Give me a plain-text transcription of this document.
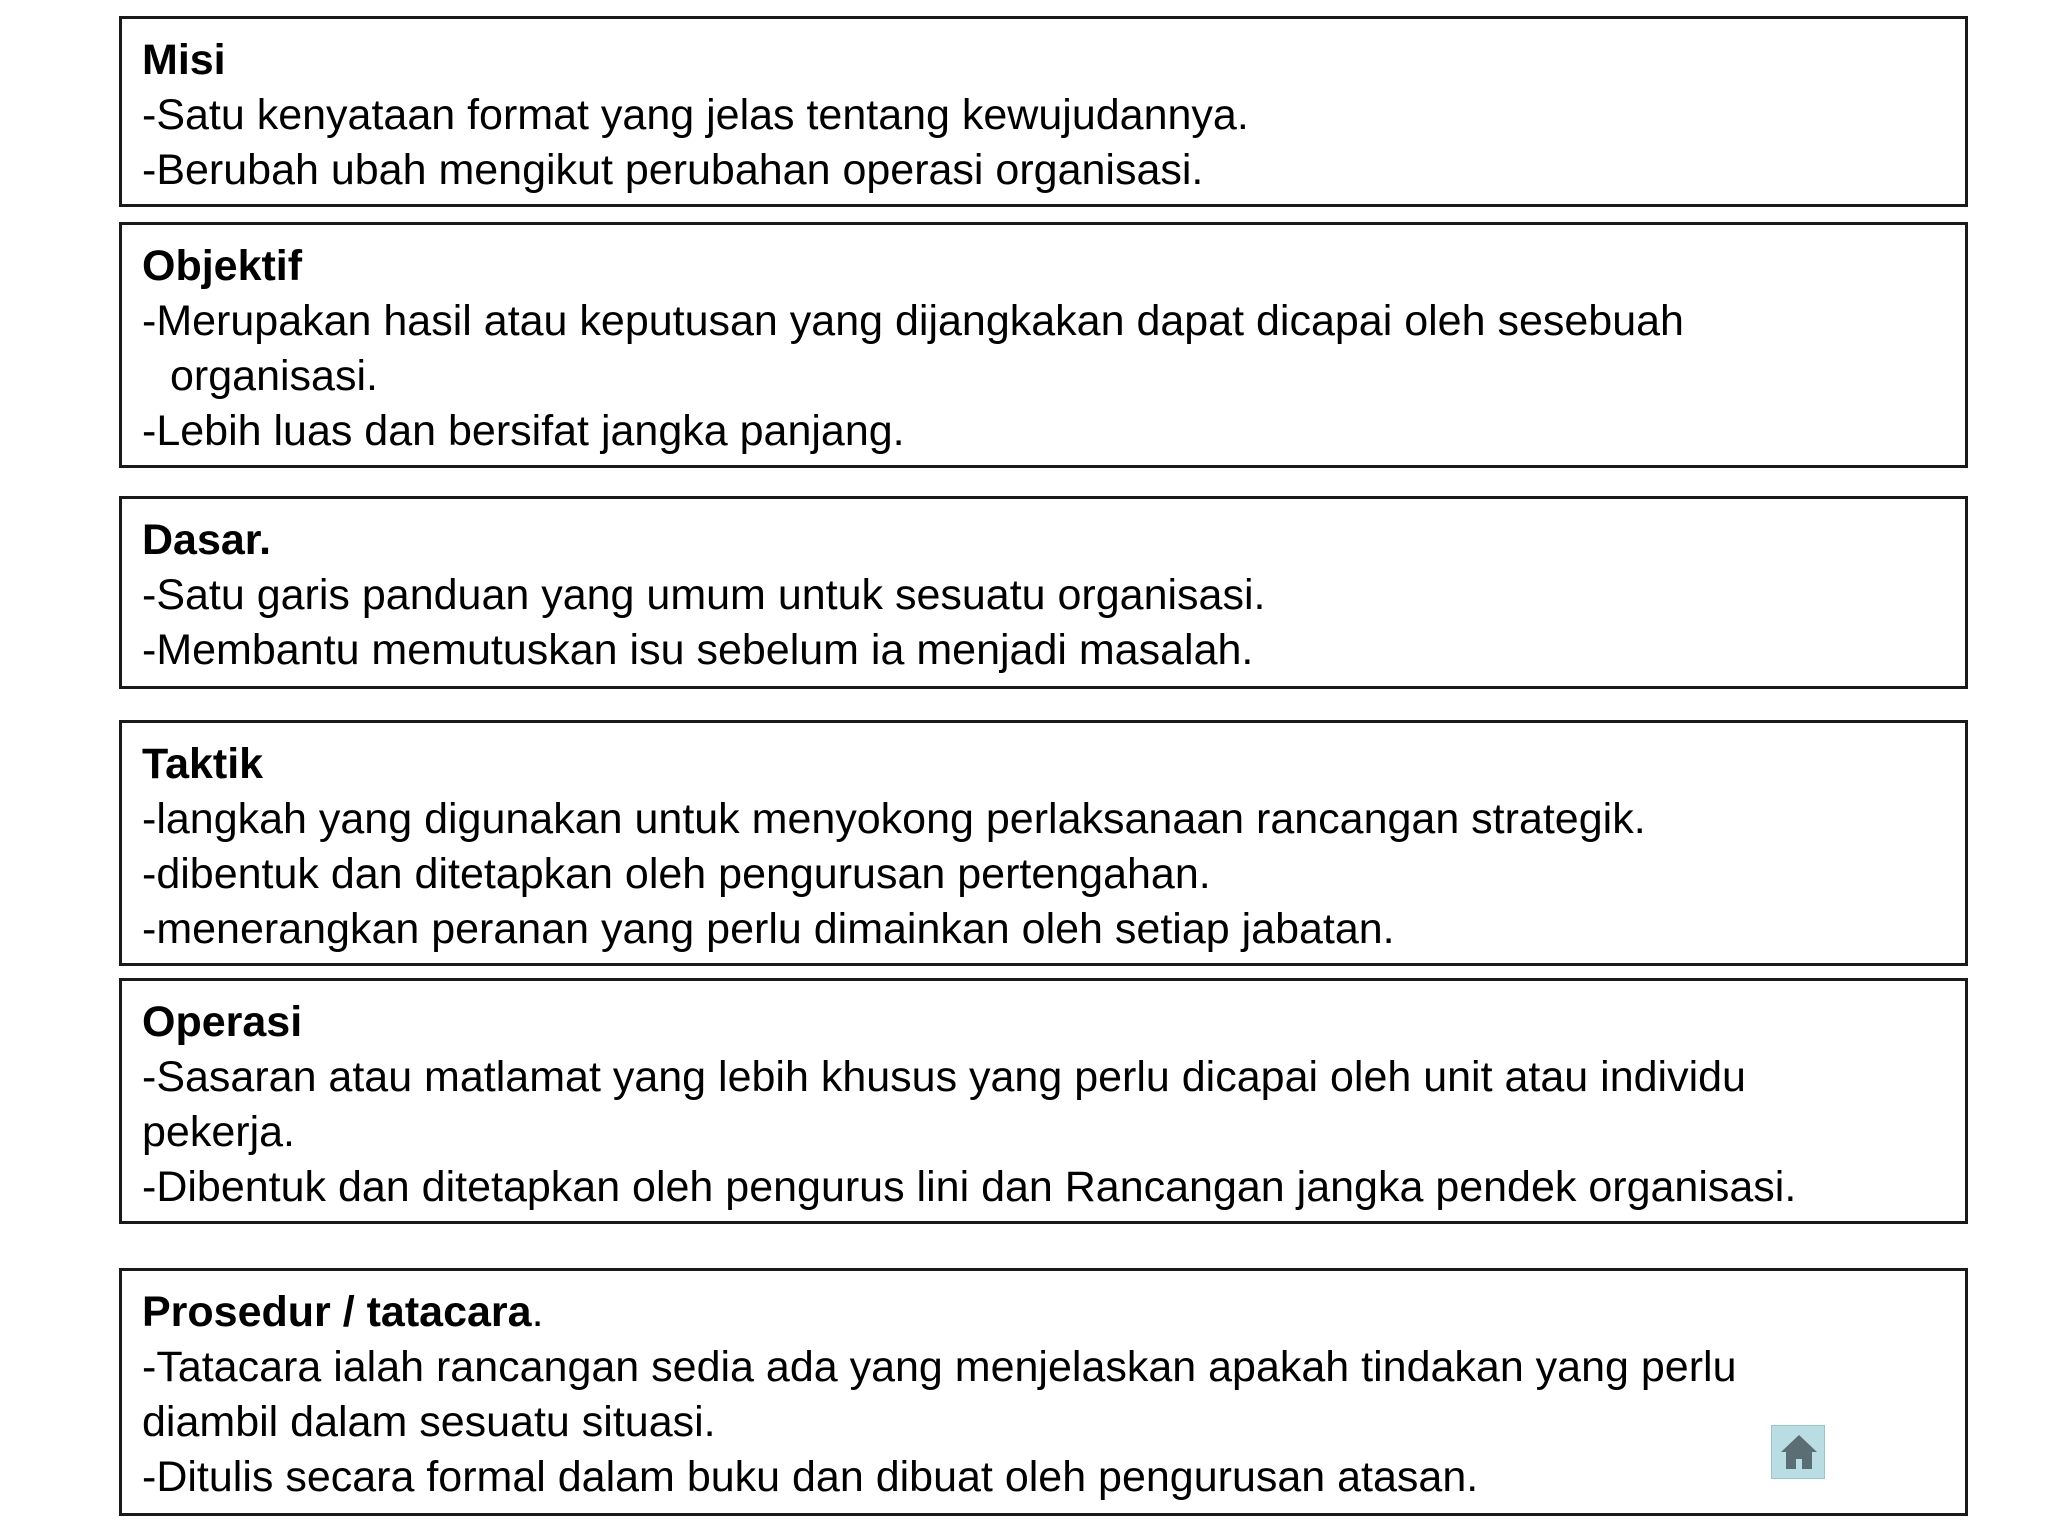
Misi
-Satu kenyataan format yang jelas tentang kewujudannya.
-Berubah ubah mengikut perubahan operasi organisasi.
Objektif
-Merupakan hasil atau keputusan yang dijangkakan dapat dicapai oleh sesebuah
organisasi.
-Lebih luas dan bersifat jangka panjang.
Dasar.
-Satu garis panduan yang umum untuk sesuatu organisasi.
-Membantu memutuskan isu sebelum ia menjadi masalah.
Taktik
-langkah yang digunakan untuk menyokong perlaksanaan rancangan strategik.
-dibentuk dan ditetapkan oleh pengurusan pertengahan.
-menerangkan peranan yang perlu dimainkan oleh setiap jabatan.
Operasi
-Sasaran atau matlamat yang lebih khusus yang perlu dicapai oleh unit atau individu
pekerja.
-Dibentuk dan ditetapkan oleh pengurus lini dan Rancangan jangka pendek organisasi.
Prosedur / tatacara.
-Tatacara ialah rancangan sedia ada yang menjelaskan apakah tindakan yang perlu
diambil dalam sesuatu situasi.
-Ditulis secara formal dalam buku dan dibuat oleh pengurusan atasan.
